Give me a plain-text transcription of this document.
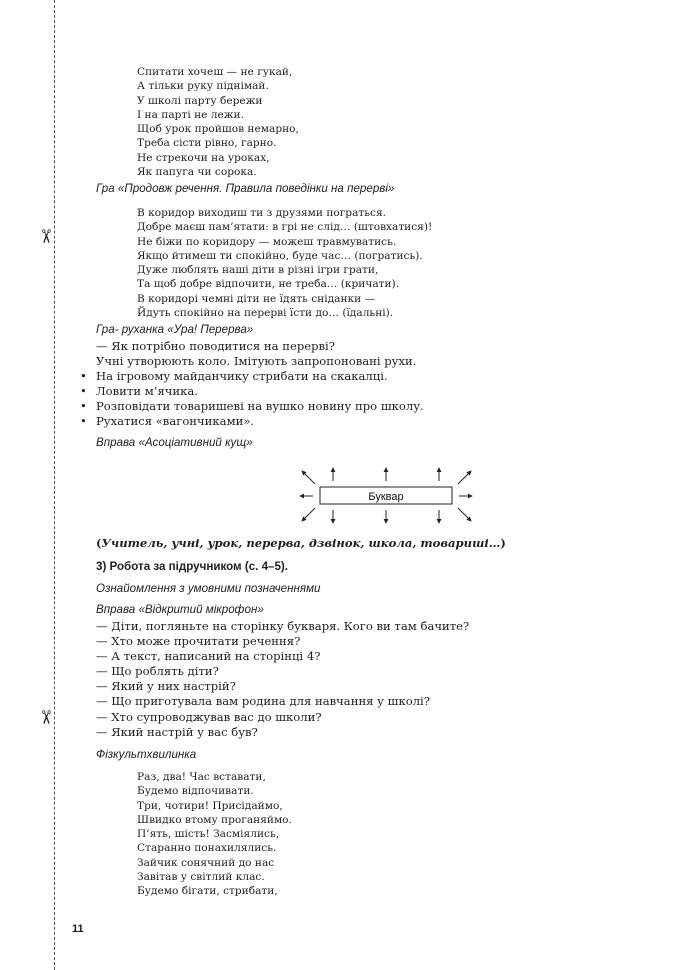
✂
✂
Спитати хочеш — не гукай,
А тільки руку піднімай.
У школі парту бережи
І на парті не лежи.
Щоб урок пройшов немарно,
Треба сісти рівно, гарно.
Не стрекочи на уроках,
Як папуга чи сорока.
Гра «Продовж речення. Правила поведінки на перерві»
В коридор виходиш ти з друзями пограться.
Добре маєш пам’ятати: в грі не слід… (штовхатися)!
Не біжи по коридору — можеш травмуватись.
Якщо йтимеш ти спокійно, буде час… (погратись).
Дуже люблять наші діти в різні ігри грати,
Та щоб добре відпочити, не треба… (кричати).
В коридорі чемні діти не їдять сніданки —
Йдуть спокійно на перерві їсти до… (їдальні).
Гра- руханка «Ура! Перерва»
— Як потрібно поводитися на перерві?
Учні утворюють коло. Імітують запропоновані рухи.
• На ігровому майданчику стрибати на скакалці.
• Ловити м’ячика.
• Розповідати товаришеві на вушко новину про школу.
• Рухатися «вагончиками».
Вправа «Асоціативний кущ»
Буквар
(Учитель, учні, урок, перерва, дзвінок, школа, товариші…)
3) Робота за підручником (с. 4–5).
Ознайомлення з умовними позначеннями
Вправа «Відкритий мікрофон»
— Діти, погляньте на сторінку букваря. Кого ви там бачите?
— Хто може прочитати речення?
— А текст, написаний на сторінці 4?
— Що роблять діти?
— Який у них настрій?
— Що приготувала вам родина для навчання у школі?
— Хто супроводжував вас до школи?
— Який настрій у вас був?
Фізкультхвилинка
Раз, два! Час вставати,
Будемо відпочивати.
Три, чотири! Присідаймо,
Швидко втому проганяймо.
П’ять, шість! Засміялись,
Старанно понахилялись.
Зайчик сонячний до нас
Завітав у світлий клас.
Будемо бігати, стрибати,
11
